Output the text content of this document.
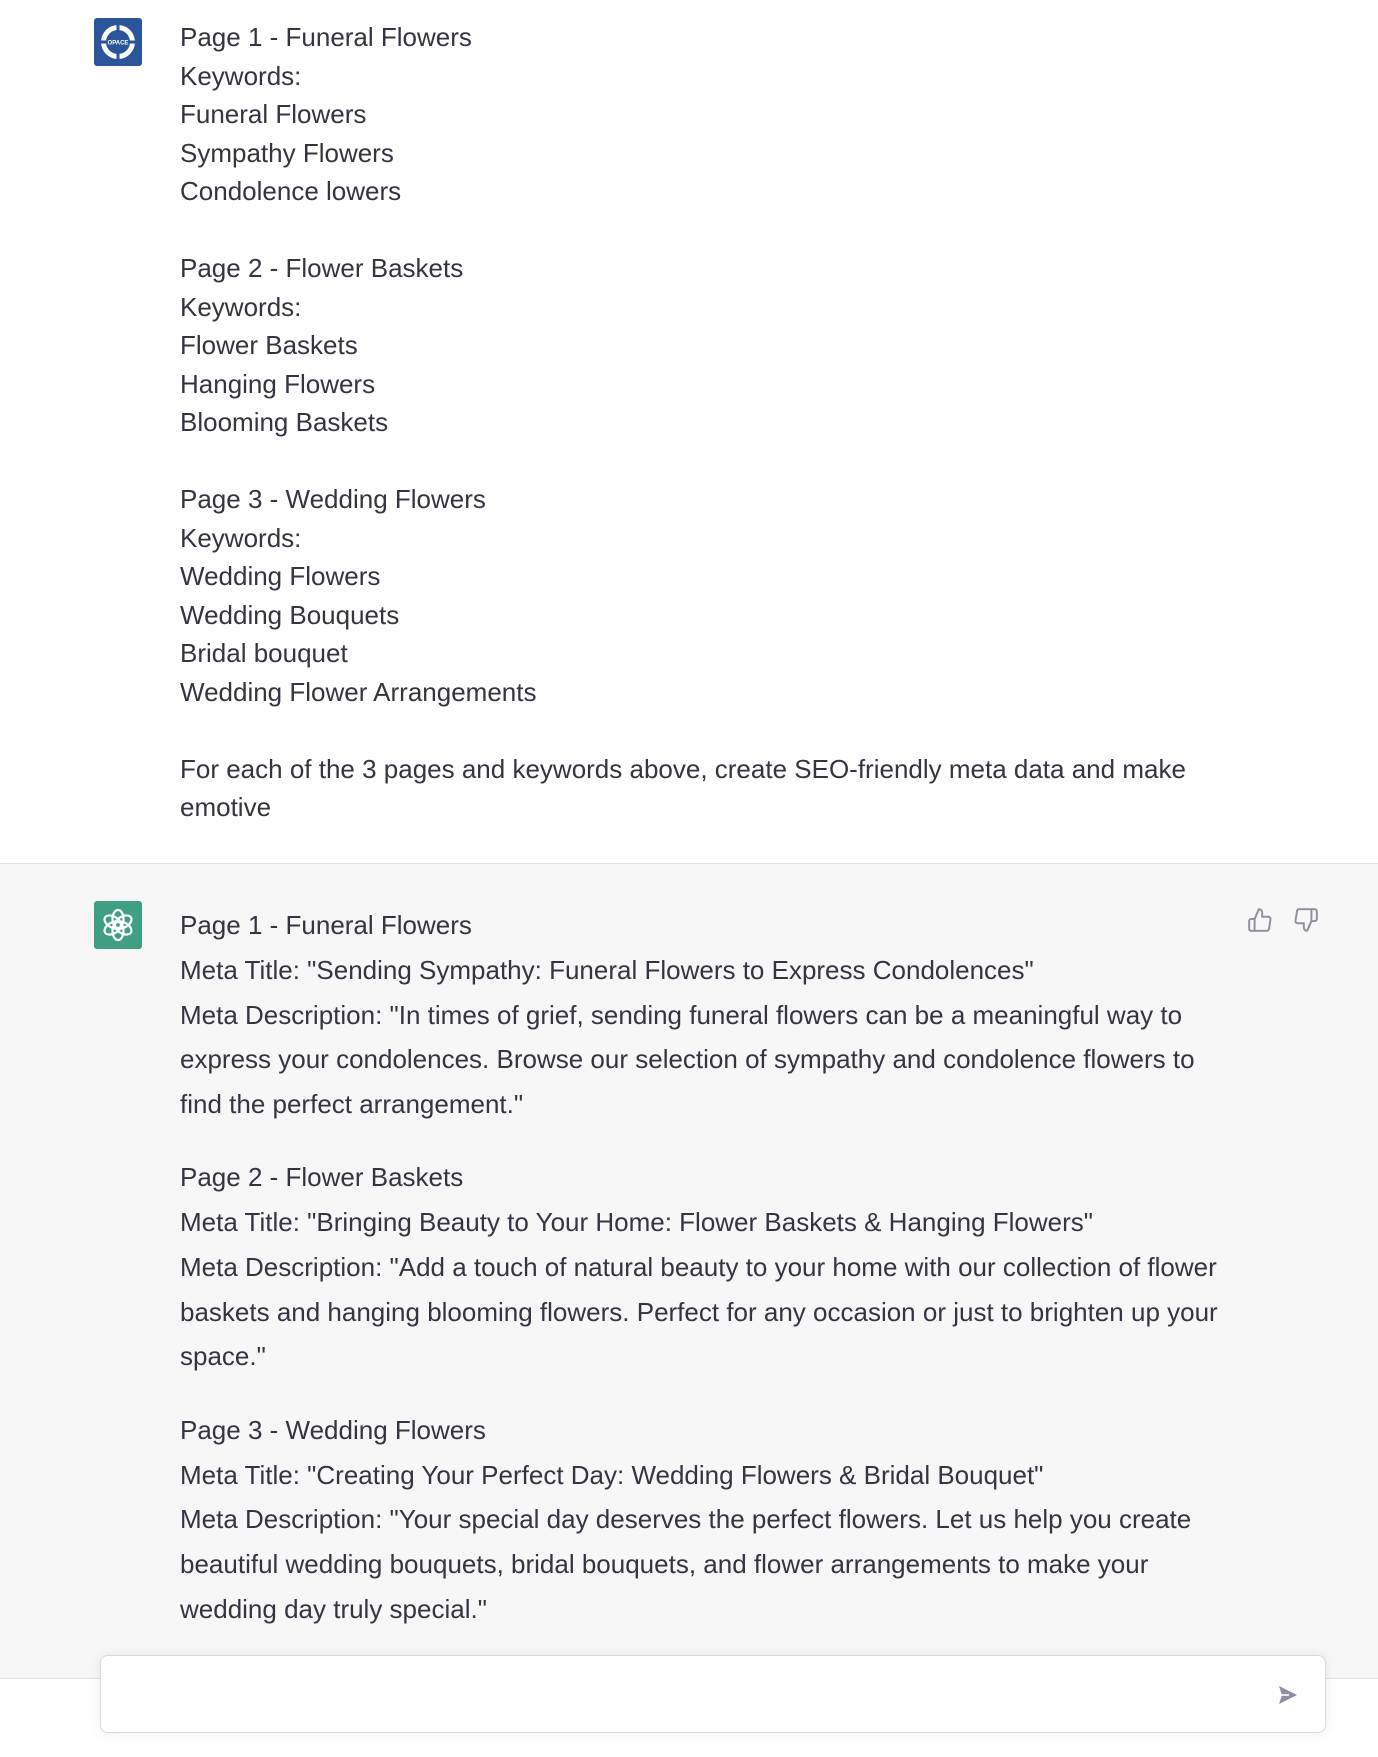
OPACE Page 1 - Funeral Flowers
Keywords:
Funeral Flowers
Sympathy Flowers
Condolence lowers
Page 2 - Flower Baskets
Keywords:
Flower Baskets
Hanging Flowers
Blooming Baskets
Page 3 - Wedding Flowers
Keywords:
Wedding Flowers
Wedding Bouquets
Bridal bouquet
Wedding Flower Arrangements
For each of the 3 pages and keywords above, create SEO-friendly meta data and make emotive
Page 1 - Funeral Flowers
Meta Title: "Sending Sympathy: Funeral Flowers to Express Condolences"
Meta Description: "In times of grief, sending funeral flowers can be a meaningful way to express your condolences. Browse our selection of sympathy and condolence flowers to find the perfect arrangement."
Page 2 - Flower Baskets
Meta Title: "Bringing Beauty to Your Home: Flower Baskets & Hanging Flowers"
Meta Description: "Add a touch of natural beauty to your home with our collection of flower baskets and hanging blooming flowers. Perfect for any occasion or just to brighten up your space."
Page 3 - Wedding Flowers
Meta Title: "Creating Your Perfect Day: Wedding Flowers & Bridal Bouquet"
Meta Description: "Your special day deserves the perfect flowers. Let us help you create beautiful wedding bouquets, bridal bouquets, and flower arrangements to make your wedding day truly special."
